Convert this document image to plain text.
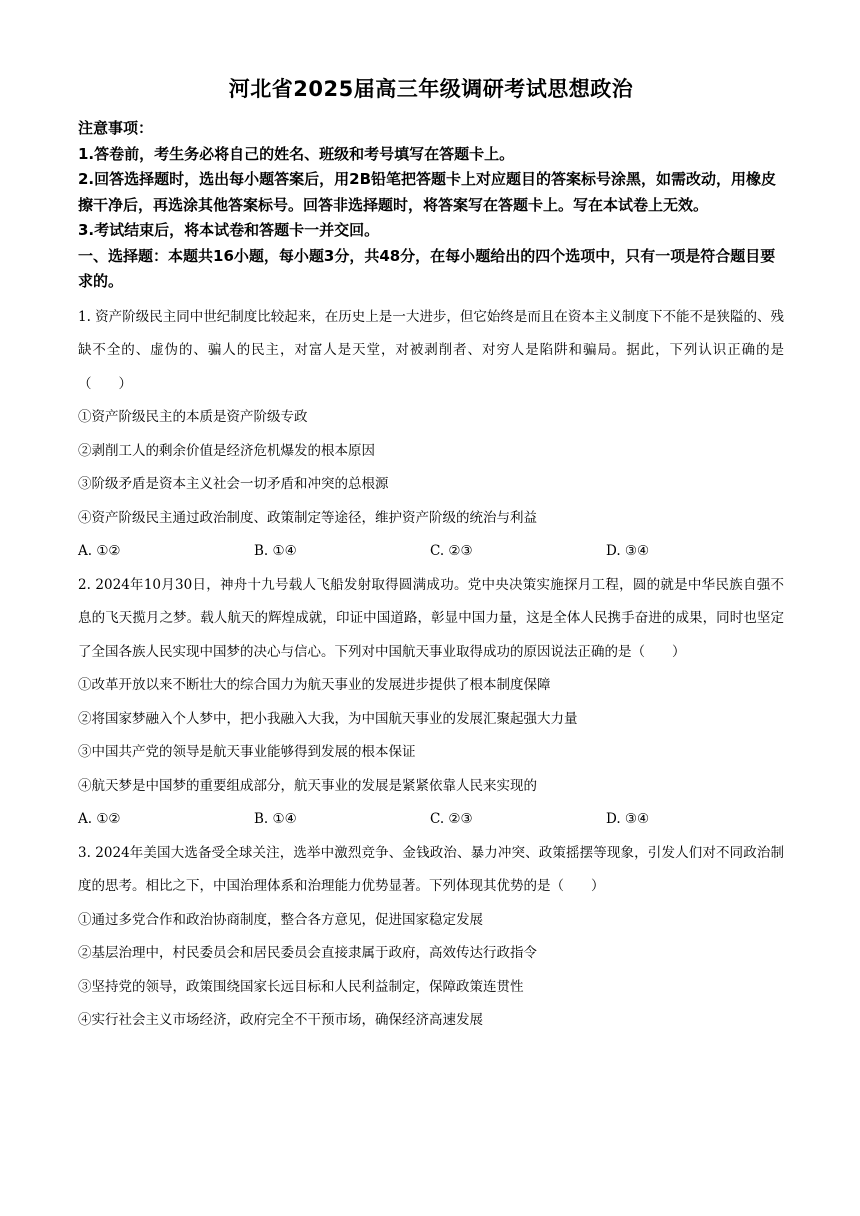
河北省2025届高三年级调研考试思想政治
注意事项：
1.答卷前，考生务必将自己的姓名、班级和考号填写在答题卡上。
2.回答选择题时，选出每小题答案后，用2B铅笔把答题卡上对应题目的答案标号涂黑，如需改动，用橡皮擦干净后，再选涂其他答案标号。回答非选择题时，将答案写在答题卡上。写在本试卷上无效。
3.考试结束后，将本试卷和答题卡一并交回。
一、选择题：本题共16小题，每小题3分，共48分，在每小题给出的四个选项中，只有一项是符合题目要求的。
1. 资产阶级民主同中世纪制度比较起来，在历史上是一大进步，但它始终是而且在资本主义制度下不能不是狭隘的、残缺不全的、虚伪的、骗人的民主，对富人是天堂，对被剥削者、对穷人是陷阱和骗局。据此，下列认识正确的是（　　）
①资产阶级民主的本质是资产阶级专政
②剥削工人的剩余价值是经济危机爆发的根本原因
③阶级矛盾是资本主义社会一切矛盾和冲突的总根源
④资产阶级民主通过政治制度、政策制定等途径，维护资产阶级的统治与利益
A. ①②	B. ①④	C. ②③	D. ③④
2. 2024年10月30日，神舟十九号载人飞船发射取得圆满成功。党中央决策实施探月工程，圆的就是中华民族自强不息的飞天揽月之梦。载人航天的辉煌成就，印证中国道路，彰显中国力量，这是全体人民携手奋进的成果，同时也坚定了全国各族人民实现中国梦的决心与信心。下列对中国航天事业取得成功的原因说法正确的是（　　）
①改革开放以来不断壮大的综合国力为航天事业的发展进步提供了根本制度保障
②将国家梦融入个人梦中，把小我融入大我，为中国航天事业的发展汇聚起强大力量
③中国共产党的领导是航天事业能够得到发展的根本保证
④航天梦是中国梦的重要组成部分，航天事业的发展是紧紧依靠人民来实现的
A. ①②	B. ①④	C. ②③	D. ③④
3. 2024年美国大选备受全球关注，选举中激烈竞争、金钱政治、暴力冲突、政策摇摆等现象，引发人们对不同政治制度的思考。相比之下，中国治理体系和治理能力优势显著。下列体现其优势的是（　　）
①通过多党合作和政治协商制度，整合各方意见，促进国家稳定发展
②基层治理中，村民委员会和居民委员会直接隶属于政府，高效传达行政指令
③坚持党的领导，政策围绕国家长远目标和人民利益制定，保障政策连贯性
④实行社会主义市场经济，政府完全不干预市场，确保经济高速发展
